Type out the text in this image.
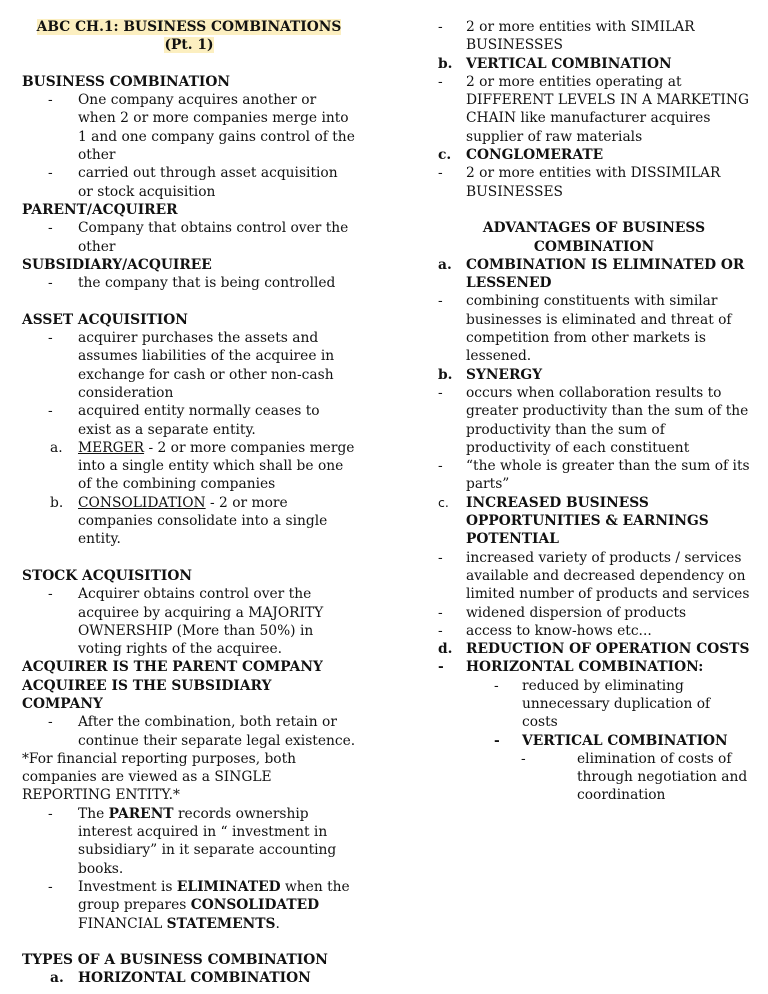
ABC CH.1: BUSINESS COMBINATIONS
(Pt. 1)

BUSINESS COMBINATION

-	One company acquires another or when 2 or more companies merge into 1 and one company gains control of the other
-	carried out through asset acquisition or stock acquisition

PARENT/ACQUIRER

-	Company that obtains control over the other

SUBSIDIARY/ACQUIREE

-	the company that is being controlled

ASSET ACQUISITION

-	acquirer purchases the assets and assumes liabilities of the acquiree in exchange for cash or other non-cash consideration
-	acquired entity normally ceases to exist as a separate entity.
a.	MERGER - 2 or more companies merge into a single entity which shall be one of the combining companies
b.	CONSOLIDATION - 2 or more companies consolidate into a single entity.

STOCK ACQUISITION

-	Acquirer obtains control over the acquiree by acquiring a MAJORITY OWNERSHIP (More than 50%) in voting rights of the acquiree.

ACQUIRER IS THE PARENT COMPANY

ACQUIREE IS THE SUBSIDIARY COMPANY

-	After the combination, both retain or continue their separate legal existence.

*For financial reporting purposes, both companies are viewed as a SINGLE REPORTING ENTITY.*

-	The PARENT records ownership interest acquired in “ investment in subsidiary” in it separate accounting books.
-	Investment is ELIMINATED when the group prepares CONSOLIDATED FINANCIAL STATEMENTS.

TYPES OF A BUSINESS COMBINATION

a.	HORIZONTAL COMBINATION
-	2 or more entities with SIMILAR BUSINESSES
b. VERTICAL COMBINATION
-	2 or more entities operating at DIFFERENT LEVELS IN A MARKETING CHAIN like manufacturer acquires supplier of raw materials
c.	CONGLOMERATE
-	2 or more entities with DISSIMILAR BUSINESSES
ADVANTAGES OF BUSINESS
COMBINATION
a.	COMBINATION IS ELIMINATED OR LESSENED
-	combining constituents with similar businesses is eliminated and threat of competition from other markets is lessened.
b. SYNERGY
-	occurs when collaboration results to greater productivity than the sum of the productivity than the sum of productivity of each constituent
-	“the whole is greater than the sum of its parts”
c.	INCREASED BUSINESS OPPORTUNITIES & EARNINGS POTENTIAL
-	increased variety of products / services available and decreased dependency on limited number of products and services
-	widened dispersion of products
-	access to know-hows etc...
d. REDUCTION OF OPERATION COSTS
-	HORIZONTAL COMBINATION:
-	reduced by eliminating unnecessary duplication of costs
-	VERTICAL COMBINATION
-	elimination of costs of through negotiation and coordination
